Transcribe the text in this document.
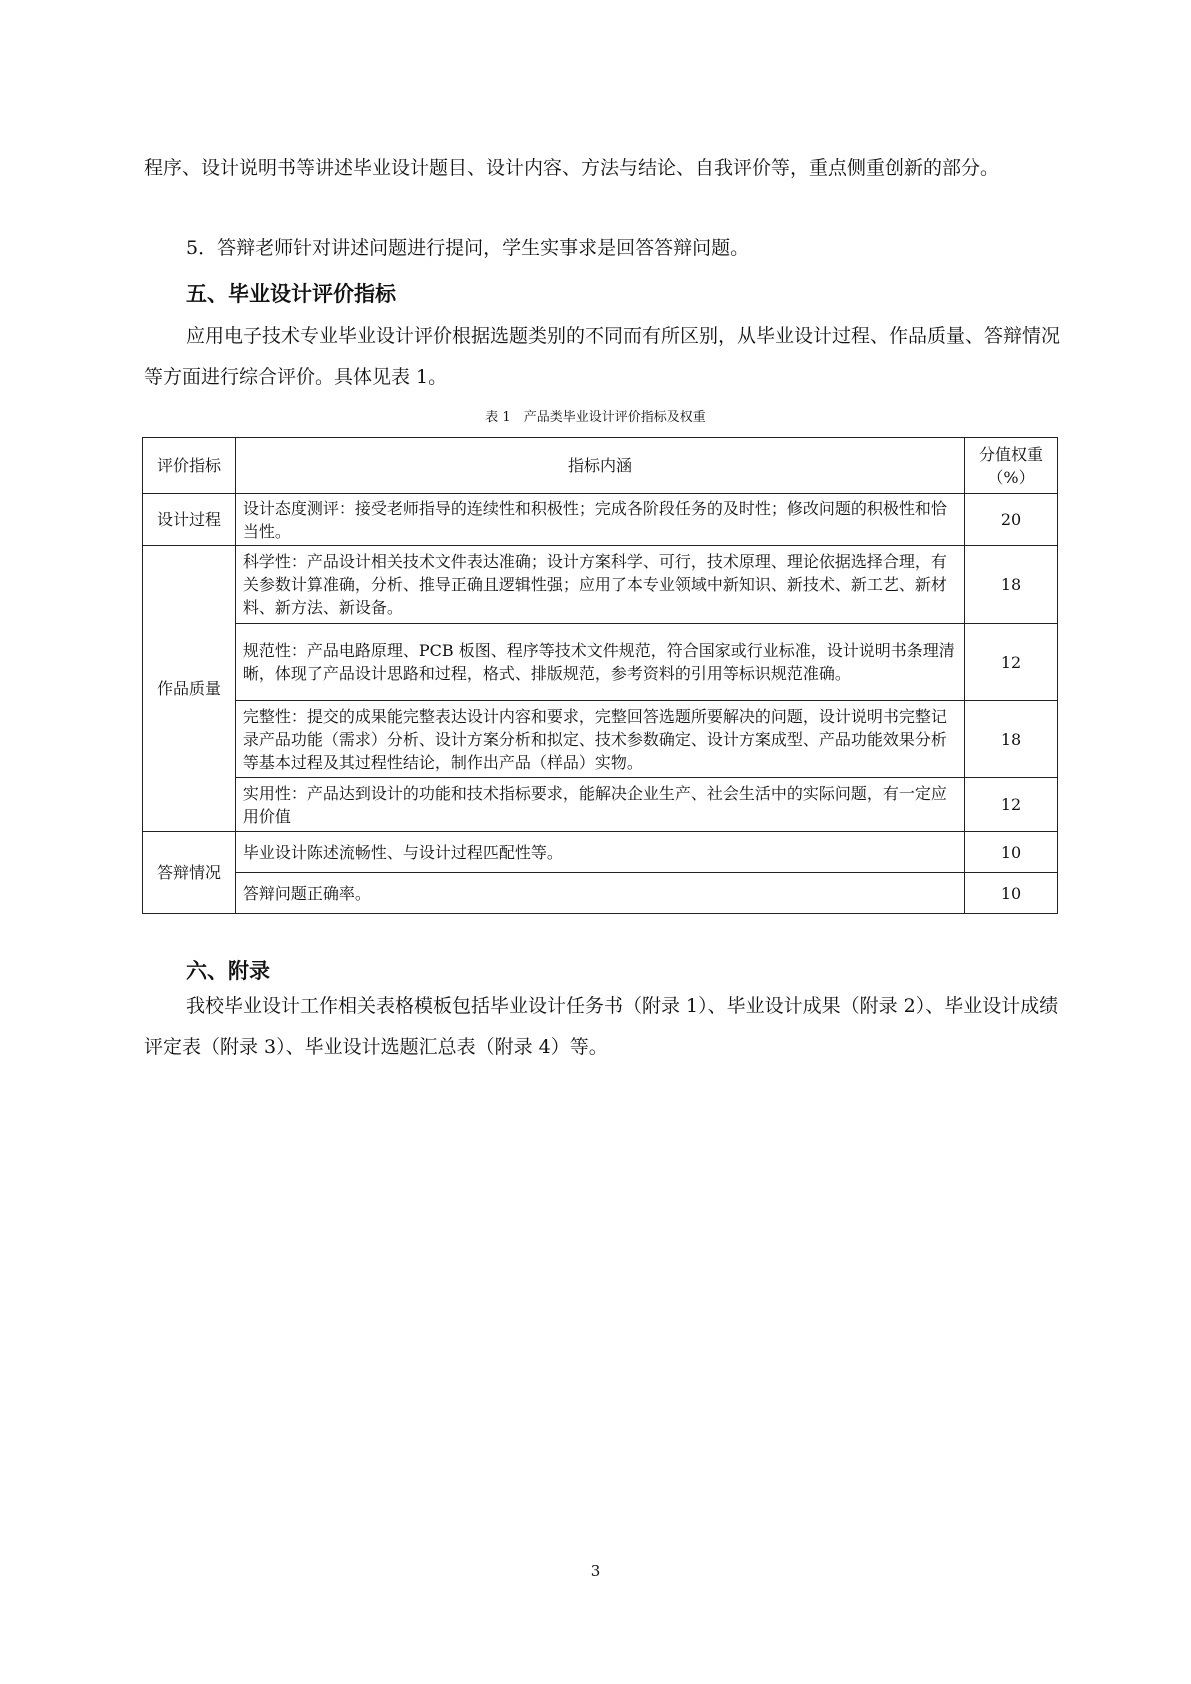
程序、设计说明书等讲述毕业设计题目、设计内容、方法与结论、自我评价等，重点侧重创新的部分。

5．答辩老师针对讲述问题进行提问，学生实事求是回答答辩问题。

五、毕业设计评价指标

应用电子技术专业毕业设计评价根据选题类别的不同而有所区别，从毕业设计过程、作品质量、答辩情况等方面进行综合评价。具体见表 1。

表 1　产品类毕业设计评价指标及权重
评价指标	指标内涵	分值权重（%）
设计过程	设计态度测评：接受老师指导的连续性和积极性；完成各阶段任务的及时性；修改问题的积极性和恰当性。	20
作品质量	科学性：产品设计相关技术文件表达准确；设计方案科学、可行，技术原理、理论依据选择合理，有关参数计算准确，分析、推导正确且逻辑性强；应用了本专业领域中新知识、新技术、新工艺、新材料、新方法、新设备。	18
	规范性：产品电路原理、PCB 板图、程序等技术文件规范，符合国家或行业标准，设计说明书条理清晰，体现了产品设计思路和过程，格式、排版规范，参考资料的引用等标识规范准确。	12
	完整性：提交的成果能完整表达设计内容和要求，完整回答选题所要解决的问题，设计说明书完整记录产品功能（需求）分析、设计方案分析和拟定、技术参数确定、设计方案成型、产品功能效果分析等基本过程及其过程性结论，制作出产品（样品）实物。	18
	实用性：产品达到设计的功能和技术指标要求，能解决企业生产、社会生活中的实际问题，有一定应用价值	12
答辩情况	毕业设计陈述流畅性、与设计过程匹配性等。	10
	答辩问题正确率。	10
六、附录

我校毕业设计工作相关表格模板包括毕业设计任务书（附录 1）、毕业设计成果（附录 2）、毕业设计成绩评定表（附录 3）、毕业设计选题汇总表（附录 4）等。

3
